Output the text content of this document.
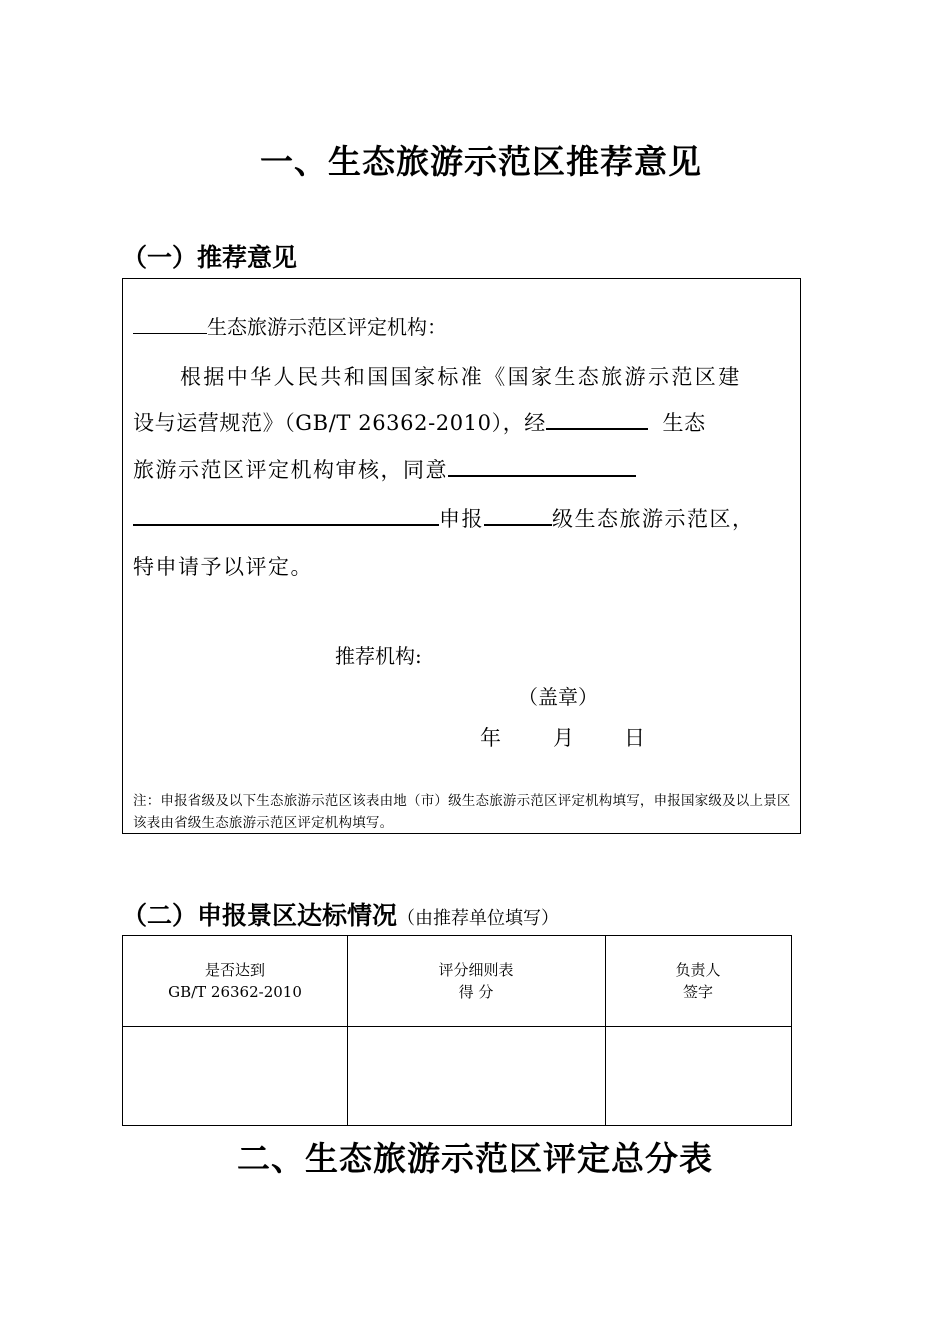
一、生态旅游示范区推荐意见
（一）推荐意见
生态旅游示范区评定机构：
根据中华人民共和国国家标准《国家生态旅游示范区建
设与运营规范》（GB/T 26362-2010），经	生态
旅游示范区评定机构审核，同意
申报	级生态旅游示范区，
特申请予以评定。
推荐机构:
（盖章）
年 月 日
注：申报省级及以下生态旅游示范区该表由地（市）级生态旅游示范区评定机构填写，申报国家级及以上景区该表由省级生态旅游示范区评定机构填写。
（二）申报景区达标情况（由推荐单位填写）
是否达到
GB/T 26362-2010
评分细则表
得 分
负责人
签字
二、生态旅游示范区评定总分表
